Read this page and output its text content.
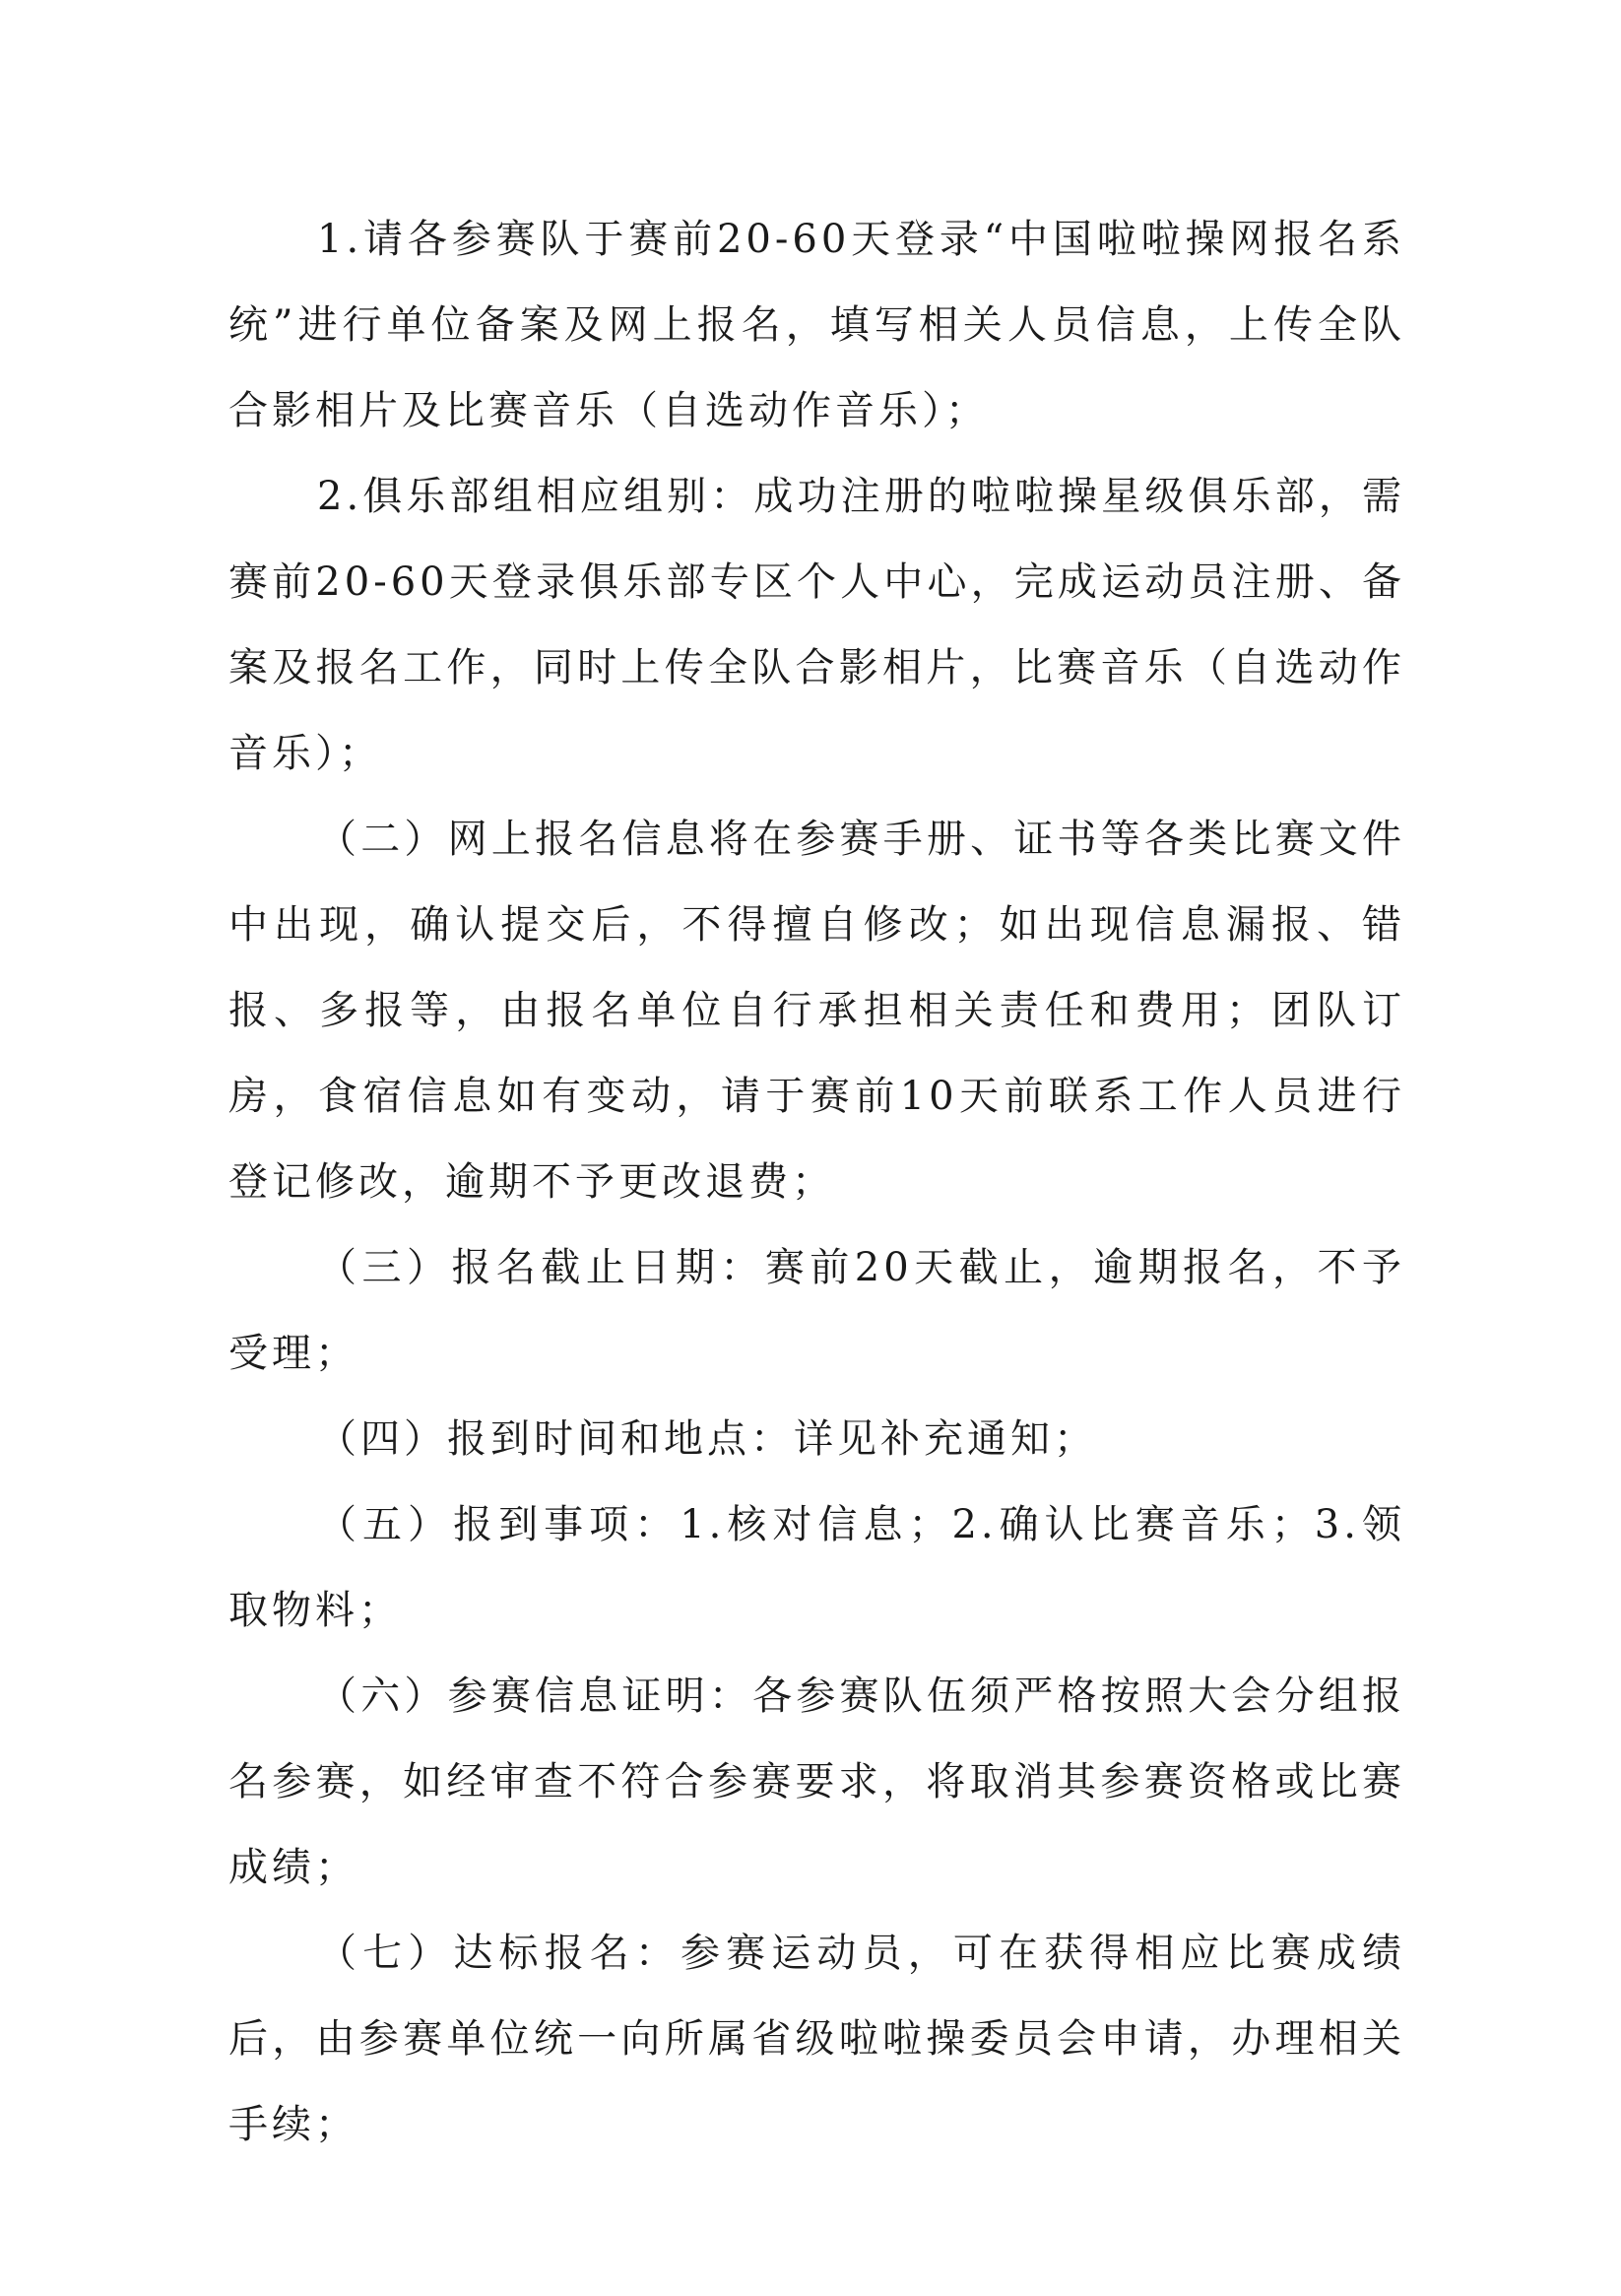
1.请各参赛队于赛前20-60天登录“中国啦啦操网报名系统”进行单位备案及网上报名，填写相关人员信息，上传全队合影相片及比赛音乐（自选动作音乐）；

2.俱乐部组相应组别：成功注册的啦啦操星级俱乐部，需赛前20-60天登录俱乐部专区个人中心，完成运动员注册、备案及报名工作，同时上传全队合影相片，比赛音乐（自选动作音乐）；

（二）网上报名信息将在参赛手册、证书等各类比赛文件中出现，确认提交后，不得擅自修改；如出现信息漏报、错报、多报等，由报名单位自行承担相关责任和费用；团队订房，食宿信息如有变动，请于赛前10天前联系工作人员进行登记修改，逾期不予更改退费；

（三）报名截止日期：赛前20天截止，逾期报名，不予受理；

（四）报到时间和地点：详见补充通知；

（五）报到事项：1.核对信息；2.确认比赛音乐；3.领取物料；

（六）参赛信息证明：各参赛队伍须严格按照大会分组报名参赛，如经审查不符合参赛要求，将取消其参赛资格或比赛成绩；

（七）达标报名：参赛运动员，可在获得相应比赛成绩后，由参赛单位统一向所属省级啦啦操委员会申请，办理相关手续；
